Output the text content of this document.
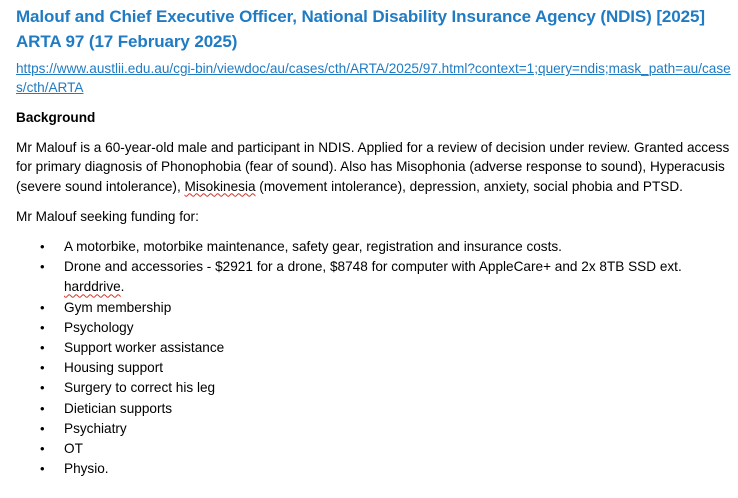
Malouf and Chief Executive Officer, National Disability Insurance Agency (NDIS) [2025] ARTA 97 (17 February 2025)
https://www.austlii.edu.au/cgi-bin/viewdoc/au/cases/cth/ARTA/2025/97.html?context=1;query=ndis;mask_path=au/cases/cth/ARTA
Background

Mr Malouf is a 60-year-old male and participant in NDIS. Applied for a review of decision under review. Granted access for primary diagnosis of Phonophobia (fear of sound). Also has Misophonia (adverse response to sound), Hyperacusis (severe sound intolerance), Misokinesia (movement intolerance), depression, anxiety, social phobia and PTSD.

Mr Malouf seeking funding for:

• A motorbike, motorbike maintenance, safety gear, registration and insurance costs.
• Drone and accessories - $2921 for a drone, $8748 for computer with AppleCare+ and 2x 8TB SSD ext. harddrive.
• Gym membership
• Psychology
• Support worker assistance
• Housing support
• Surgery to correct his leg
• Dietician supports
• Psychiatry
• OT
• Physio.
